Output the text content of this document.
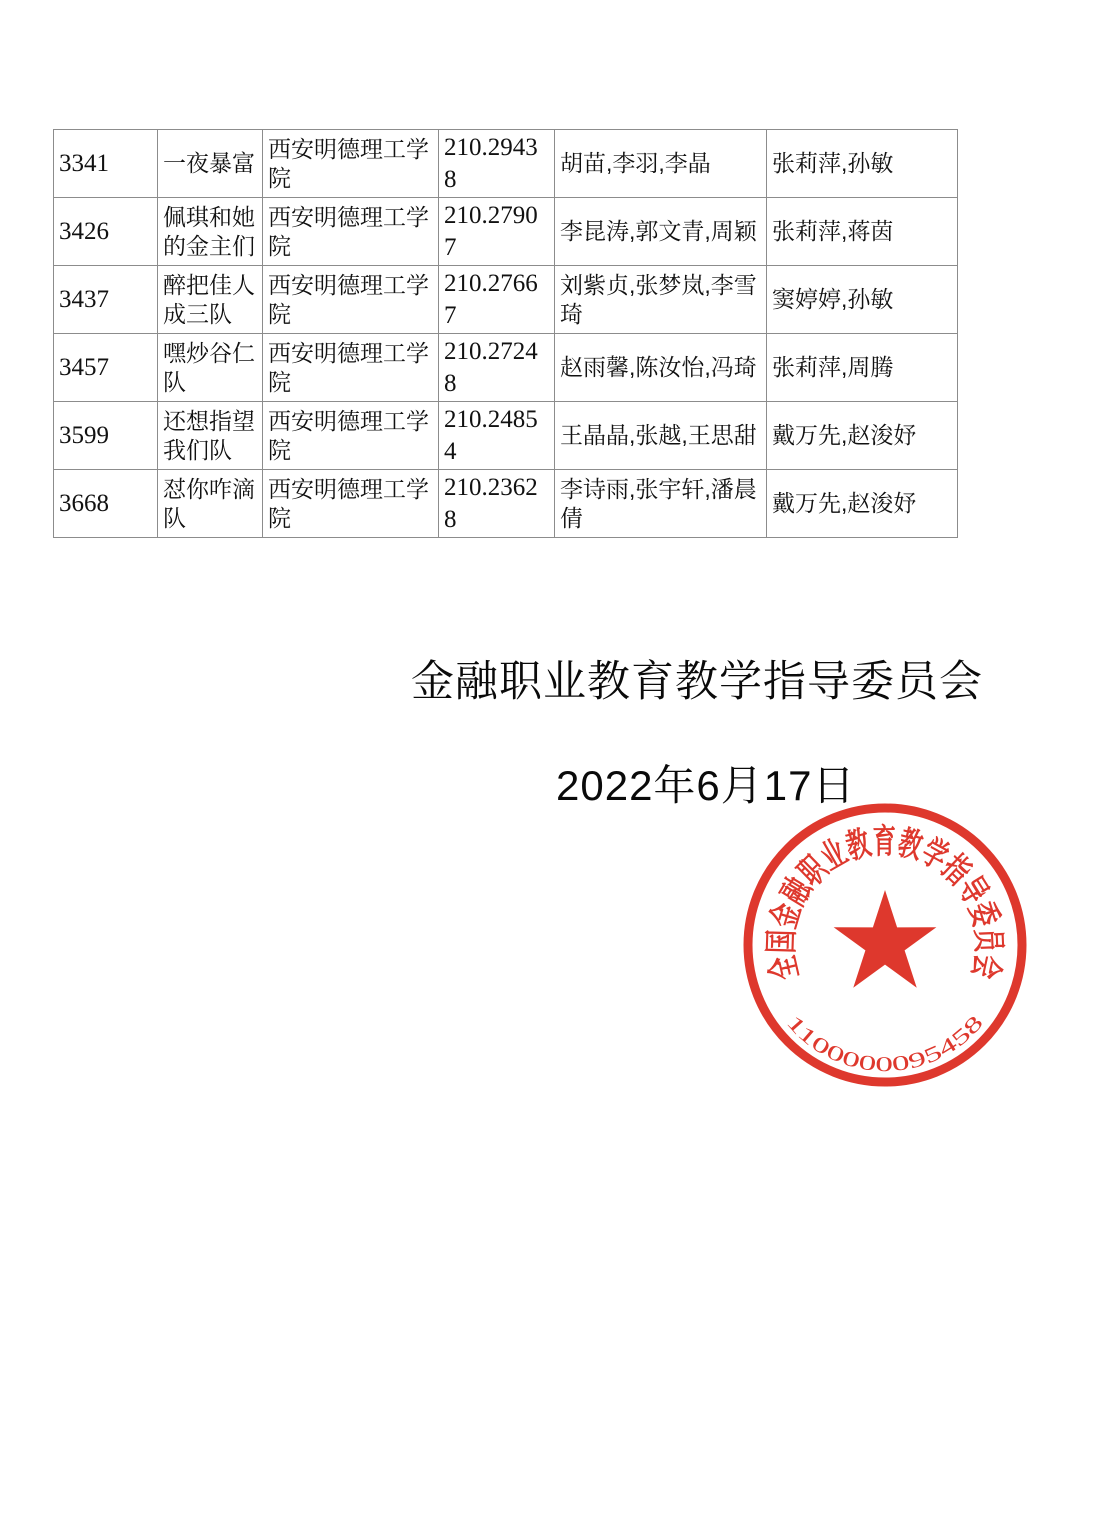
3341	一夜暴富	西安明德理工学院	210.29438	胡苗,李羽,李晶	张莉萍,孙敏
3426	佩琪和她的金主们	西安明德理工学院	210.27907	李昆涛,郭文青,周颖	张莉萍,蒋茵
3437	醉把佳人成三队	西安明德理工学院	210.27667	刘紫贞,张梦岚,李雪琦	窦婷婷,孙敏
3457	嘿炒谷仁队	西安明德理工学院	210.27248	赵雨馨,陈汝怡,冯琦	张莉萍,周腾
3599	还想指望我们队	西安明德理工学院	210.24854	王晶晶,张越,王思甜	戴万先,赵浚妤
3668	怼你咋滴队	西安明德理工学院	210.23628	李诗雨,张宇轩,潘晨倩	戴万先,赵浚妤
金融职业教育教学指导委员会
2022年6月17日
全国金融职业教育教学指导委员会
1100000095458
